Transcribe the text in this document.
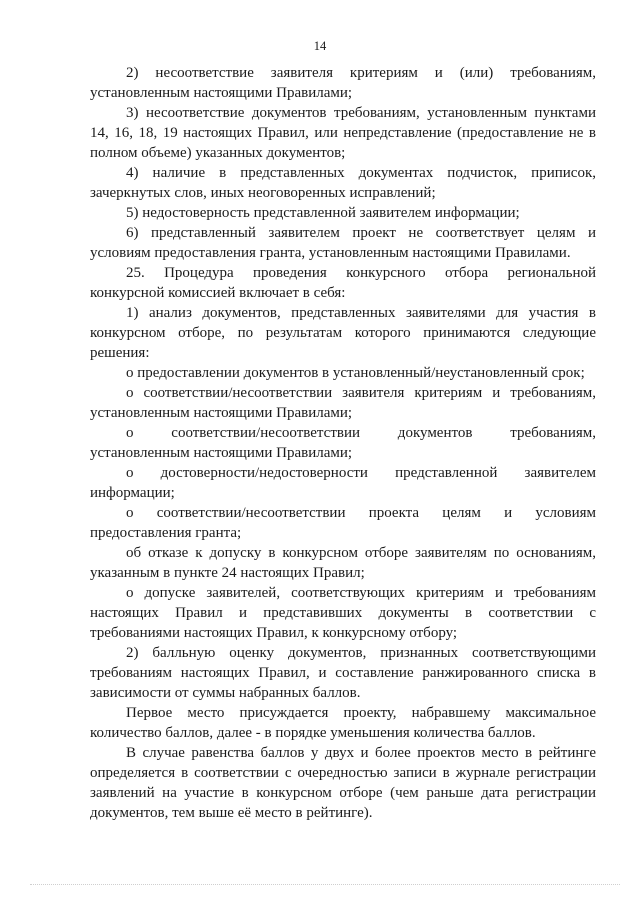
14

2) несоответствие заявителя критериям и (или) требованиям, установленным настоящими Правилами;

3) несоответствие документов требованиям, установленным пунктами 14, 16, 18, 19 настоящих Правил, или непредставление (предоставление не в полном объеме) указанных документов;

4) наличие в представленных документах подчисток, приписок, зачеркнутых слов, иных неоговоренных исправлений;

5) недостоверность представленной заявителем информации;

6) представленный заявителем проект не соответствует целям и условиям предоставления гранта, установленным настоящими Правилами.

25. Процедура проведения конкурсного отбора региональной конкурсной комиссией включает в себя:

1) анализ документов, представленных заявителями для участия в конкурсном отборе, по результатам которого принимаются следующие решения:

о предоставлении документов в установленный/неустановленный срок;

о соответствии/несоответствии заявителя критериям и требованиям, установленным настоящими Правилами;

о соответствии/несоответствии документов требованиям, установленным настоящими Правилами;

о достоверности/недостоверности представленной заявителем информации;

о соответствии/несоответствии проекта целям и условиям предоставления гранта;

об отказе к допуску в конкурсном отборе заявителям по основаниям, указанным в пункте 24 настоящих Правил;

о допуске заявителей, соответствующих критериям и требованиям настоящих Правил и представивших документы в соответствии с требованиями настоящих Правил, к конкурсному отбору;

2) балльную оценку документов, признанных соответствующими требованиям настоящих Правил, и составление ранжированного списка в зависимости от суммы набранных баллов.

Первое место присуждается проекту, набравшему максимальное количество баллов, далее - в порядке уменьшения количества баллов.

В случае равенства баллов у двух и более проектов место в рейтинге определяется в соответствии с очередностью записи в журнале регистрации заявлений на участие в конкурсном отборе (чем раньше дата регистрации документов, тем выше её место в рейтинге).
